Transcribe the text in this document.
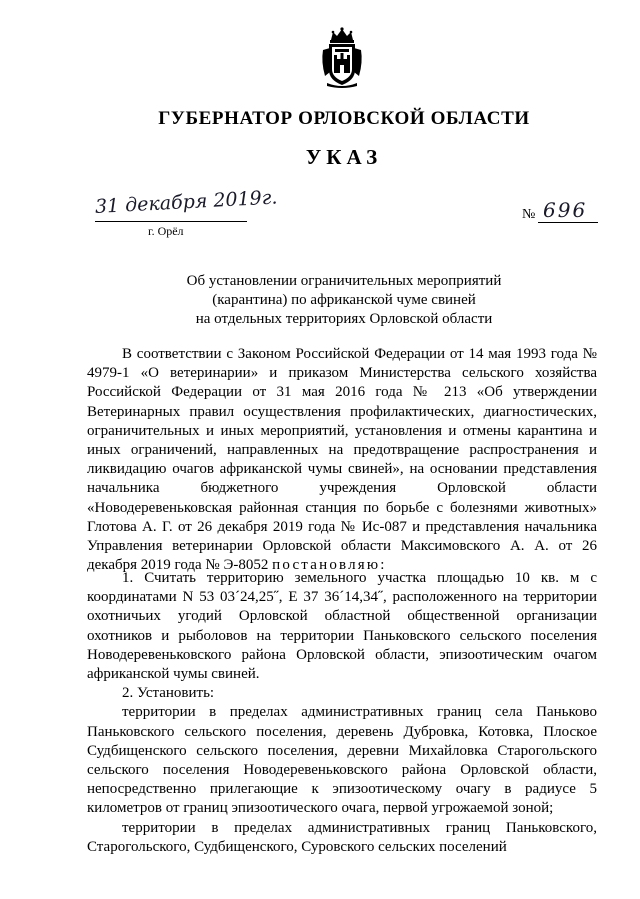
ГУБЕРНАТОР ОРЛОВСКОЙ ОБЛАСТИ
УКАЗ
31 декабря 2019г.
г. Орёл
№ 696
Об установлении ограничительных мероприятий
(карантина) по африканской чуме свиней
на отдельных территориях Орловской области

В соответствии с Законом Российской Федерации от 14 мая 1993 года № 4979-1 «О ветеринарии» и приказом Министерства сельского хозяйства Российской Федерации от 31 мая 2016 года № 213 «Об утверждении Ветеринарных правил осуществления профилактических, диагностических, ограничительных и иных мероприятий, установления и отмены карантина и иных ограничений, направленных на предотвращение распространения и ликвидацию очагов африканской чумы свиней», на основании представления начальника бюджетного учреждения Орловской области «Новодеревеньковская районная станция по борьбе с болезнями животных» Глотова А. Г. от 26 декабря 2019 года № Ис-087 и представления начальника Управления ветеринарии Орловской области Максимовского А. А. от 26 декабря 2019 года № Э-8052 постановляю:

1. Считать территорию земельного участка площадью 10 кв. м с координатами N 53 03´24,25˝, E 37 36´14,34˝, расположенного на территории охотничьих угодий Орловской областной общественной организации охотников и рыболовов на территории Паньковского сельского поселения Новодеревеньковского района Орловской области, эпизоотическим очагом африканской чумы свиней.

2. Установить:

территории в пределах административных границ села Паньково Паньковского сельского поселения, деревень Дубровка, Котовка, Плоское Судбищенского сельского поселения, деревни Михайловка Старогольского сельского поселения Новодеревеньковского района Орловской области, непосредственно прилегающие к эпизоотическому очагу в радиусе 5 километров от границ эпизоотического очага, первой угрожаемой зоной;

территории в пределах административных границ Паньковского, Старогольского, Судбищенского, Суровского сельских поселений
